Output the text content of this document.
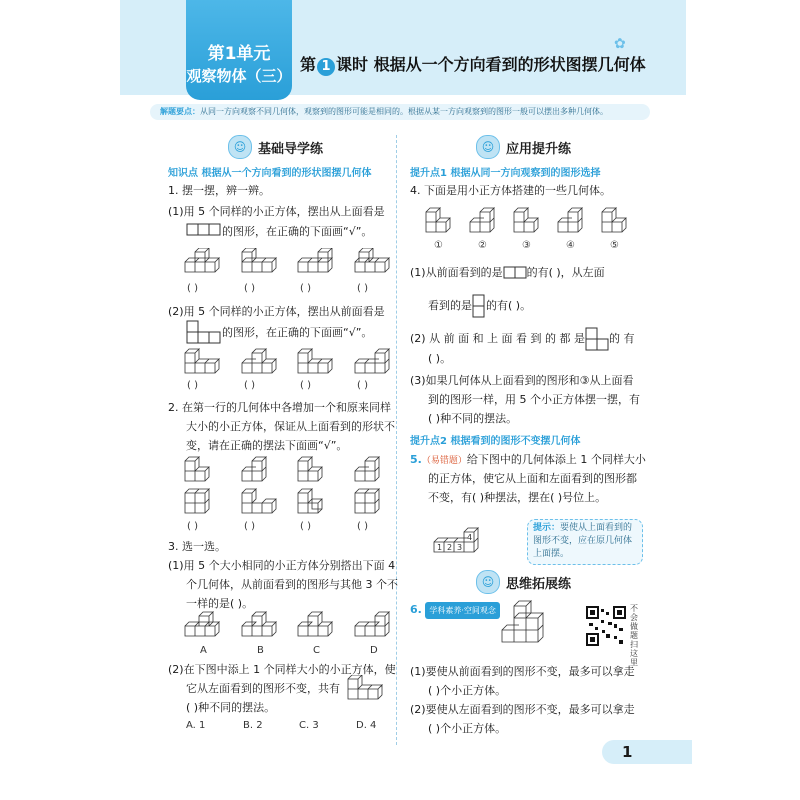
第1单元
观察物体（三）
第 1 课时 根据从一个方向看到的形状图摆几何体
✿
解题要点：从同一方向观察不同几何体，观察到的图形可能是相同的。根据从某一方向观察到的图形一般可以摆出多种几何体。
☺ 基础导学练
知识点 根据从一个方向看到的形状图摆几何体
1. 摆一摆，辨一辨。
(1)用 5 个同样的小正方体，摆出从上面看是
的图形，在正确的下面画“√”。
( )	( )	( )	( )
(2)用 5 个同样的小正方体，摆出从前面看是
的图形，在正确的下面画“√”。
( )	( )	( )	( )
2. 在第一行的几何体中各增加一个和原来同样
大小的小正方体，保证从上面看到的形状不
变，请在正确的摆法下面画“√”。
( )	( )	( )	( )
3. 选一选。
(1)用 5 个大小相同的小正方体分别搭出下面 4
个几何体，从前面看到的图形与其他 3 个不
一样的是( )。
A	B	C	D
(2)在下图中添上 1 个同样大小的小正方体，使
它从左面看到的图形不变，共有
( )种不同的摆法。
A. 1	B. 2	C. 3	D. 4
☺ 应用提升练
提升点1 根据从同一方向观察到的图形选择
4. 下面是用小正方体搭建的一些几何体。
①	②	③	④	⑤
(1)从前面看到的是 的有( )，从左面
看到的是 的有( )。
(2) 从 前 面 和 上 面 看 到 的 都 是 的 有
( )。
(3)如果几何体从上面看到的图形和③从上面看
到的图形一样，用 5 个小正方体摆一摆，有
( )种不同的摆法。
提升点2 根据看到的图形不变摆几何体
5.（易错题）给下图中的几何体添上 1 个同样大小
的正方体，使它从上面和左面看到的图形都
不变，有( )种摆法，摆在( )号位上。
1 2 3
4
提示：要使从上面看到的图形不变，应在原几何体上面摆。
☺ 思维拓展练
6. 学科素养·空间观念	不会做题扫这里
(1)要使从前面看到的图形不变，最多可以拿走
( )个小正方体。
(2)要使从左面看到的图形不变，最多可以拿走
( )个小正方体。
1
